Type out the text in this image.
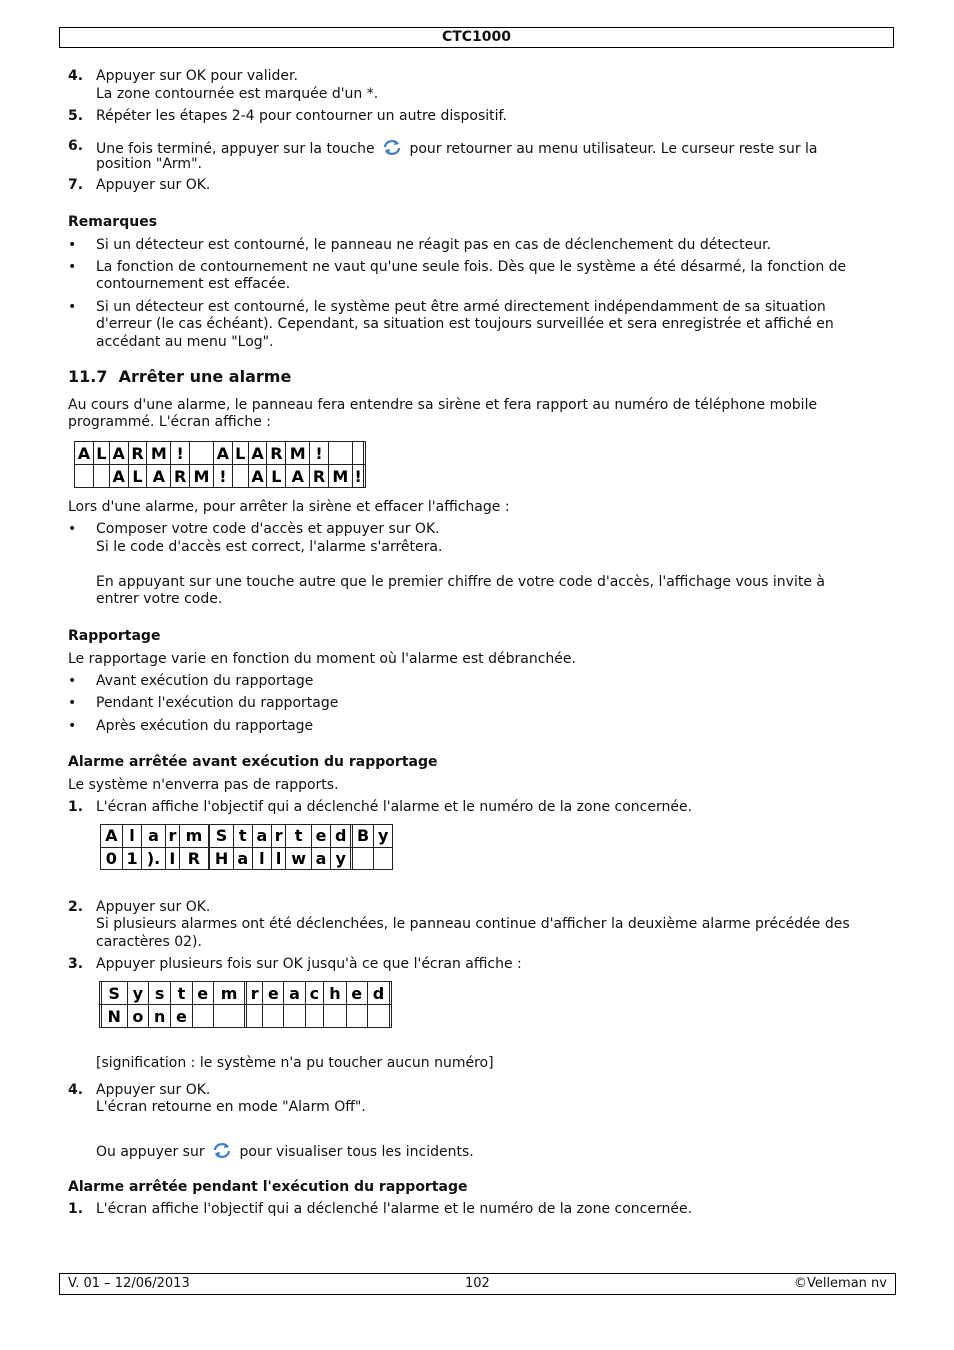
CTC1000
4. Appuyer sur OK pour valider.
La zone contournée est marquée d'un *.
5. Répéter les étapes 2-4 pour contourner un autre dispositif.
6. Une fois terminé, appuyer sur la touche pour retourner au menu utilisateur. Le curseur reste sur la
position "Arm".
7. Appuyer sur OK.
Remarques
• Si un détecteur est contourné, le panneau ne réagit pas en cas de déclenchement du détecteur.
• La fonction de contournement ne vaut qu'une seule fois. Dès que le système a été désarmé, la fonction de
contournement est effacée.
• Si un détecteur est contourné, le système peut être armé directement indépendamment de sa situation
d'erreur (le cas échéant). Cependant, sa situation est toujours surveillée et sera enregistrée et affiché en
accédant au menu "Log".
11.7 Arrêter une alarme
Au cours d'une alarme, le panneau fera entendre sa sirène et fera rapport au numéro de téléphone mobile
programmé. L'écran affiche :
A	L	A	R	M	!		A	L	A	R	M	!			
		A	L	A	R	M	!		A	L	A	R	M	!	
Lors d'une alarme, pour arrêter la sirène et effacer l'affichage :
• Composer votre code d'accès et appuyer sur OK.
Si le code d'accès est correct, l'alarme s'arrêtera.
En appuyant sur une touche autre que le premier chiffre de votre code d'accès, l'affichage vous invite à
entrer votre code.
Rapportage
Le rapportage varie en fonction du moment où l'alarme est débranchée.
• Avant exécution du rapportage
• Pendant l'exécution du rapportage
• Après exécution du rapportage
Alarme arrêtée avant exécution du rapportage
Le système n'enverra pas de rapports.
1. L'écran affiche l'objectif qui a déclenché l'alarme et le numéro de la zone concernée.
A	l	a	r	m		S	t	a	r	t	e	d		B	y
0	1	).	I	R		H	a	l	l	w	a	y			
2. Appuyer sur OK.
Si plusieurs alarmes ont été déclenchées, le panneau continue d'afficher la deuxième alarme précédée des
caractères 02).
3. Appuyer plusieurs fois sur OK jusqu'à ce que l'écran affiche :
	S	y	s	t	e	m		r	e	a	c	h	e	d	
	N	o	n	e											
[signification : le système n'a pu toucher aucun numéro]
4. Appuyer sur OK.
L'écran retourne en mode "Alarm Off".
Ou appuyer sur pour visualiser tous les incidents.
Alarme arrêtée pendant l'exécution du rapportage
1. L'écran affiche l'objectif qui a déclenché l'alarme et le numéro de la zone concernée.
V. 01 – 12/06/2013	102	©Velleman nv
